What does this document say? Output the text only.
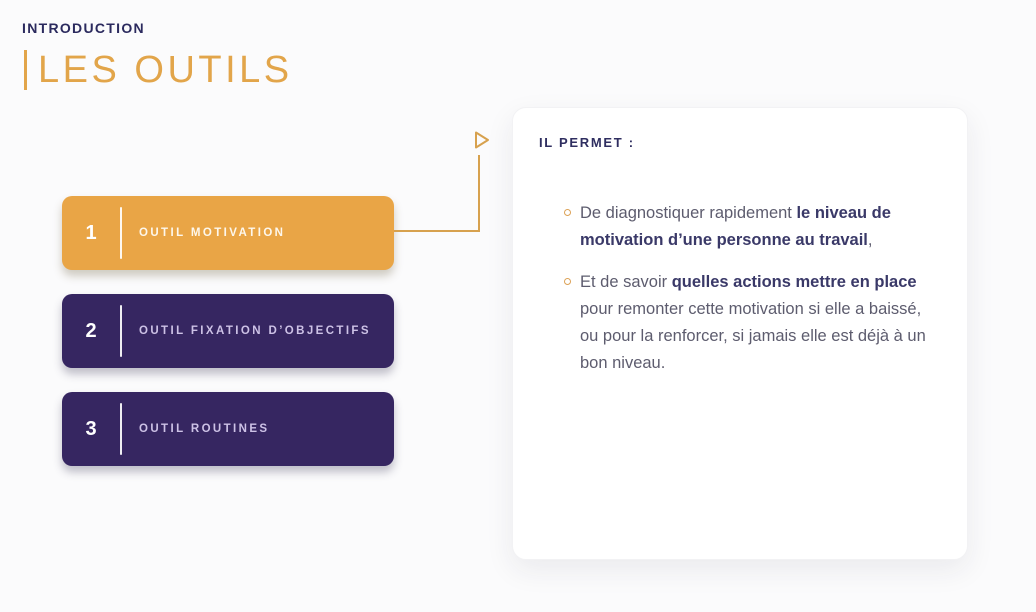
INTRODUCTION
LES OUTILS
1	OUTIL MOTIVATION
2	OUTIL FIXATION D’OBJECTIFS
3	OUTIL ROUTINES
IL PERMET :
De diagnostiquer rapidement le niveau de motivation d’une personne au travail,
Et de savoir quelles actions mettre en place pour remonter cette motivation si elle a baissé, ou pour la renforcer, si jamais elle est déjà à un bon niveau.
